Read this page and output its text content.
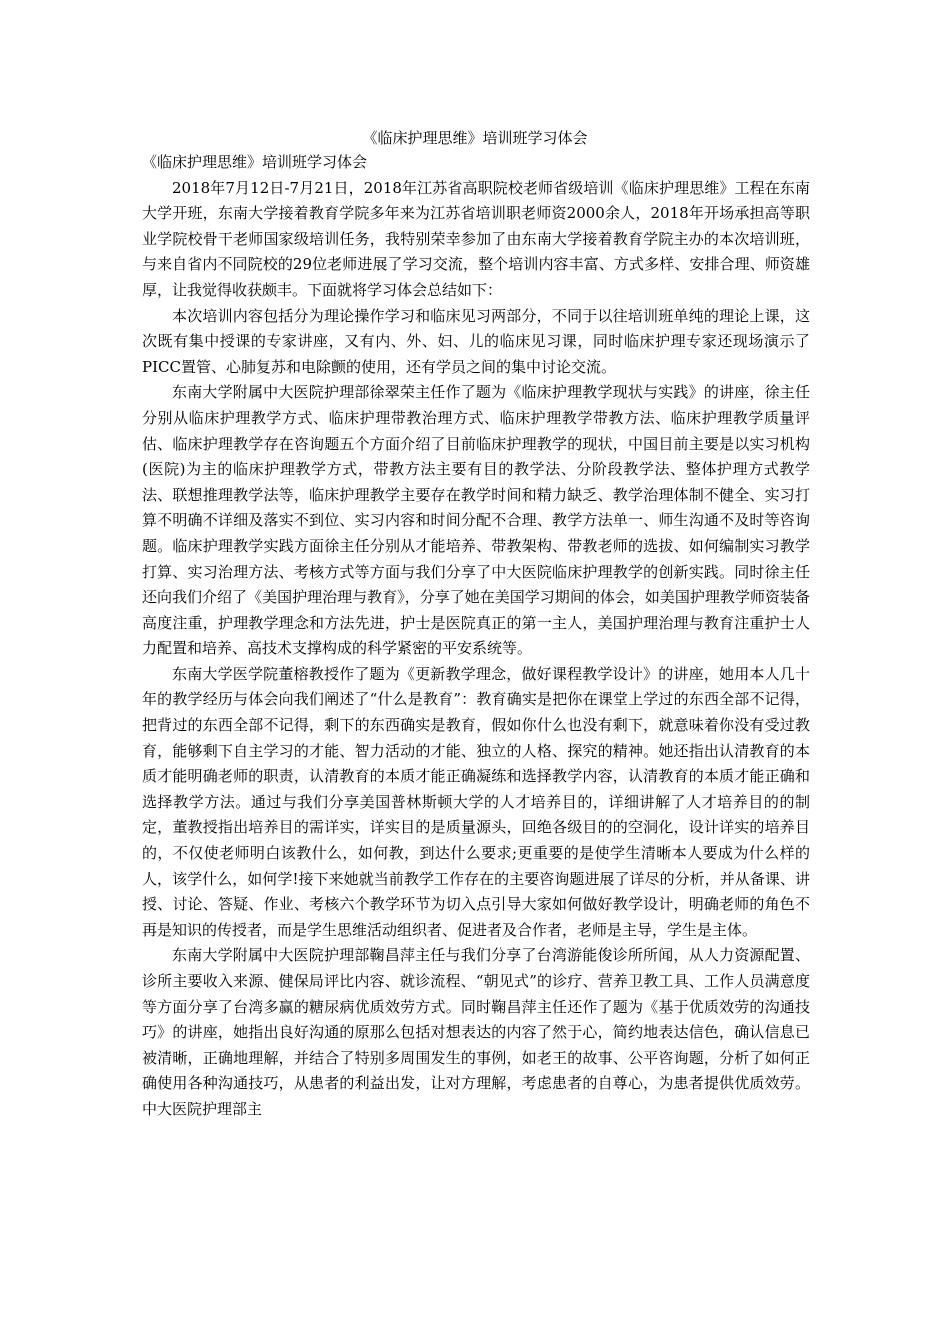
《临床护理思维》培训班学习体会

《临床护理思维》培训班学习体会

2018年7月12日-7月21日，2018年江苏省高职院校老师省级培训《临床护理思维》工程在东南大学开班，东南大学接着教育学院多年来为江苏省培训职老师资2000余人，2018年开场承担高等职业学院校骨干老师国家级培训任务，我特别荣幸参加了由东南大学接着教育学院主办的本次培训班，与来自省内不同院校的29位老师进展了学习交流，整个培训内容丰富、方式多样、安排合理、师资雄厚，让我觉得收获颇丰。下面就将学习体会总结如下：

本次培训内容包括分为理论操作学习和临床见习两部分，不同于以往培训班单纯的理论上课，这次既有集中授课的专家讲座，又有内、外、妇、儿的临床见习课，同时临床护理专家还现场演示了PICC置管、心肺复苏和电除颤的使用，还有学员之间的集中讨论交流。

东南大学附属中大医院护理部徐翠荣主任作了题为《临床护理教学现状与实践》的讲座，徐主任分别从临床护理教学方式、临床护理带教治理方式、临床护理教学带教方法、临床护理教学质量评估、临床护理教学存在咨询题五个方面介绍了目前临床护理教学的现状，中国目前主要是以实习机构(医院)为主的临床护理教学方式，带教方法主要有目的教学法、分阶段教学法、整体护理方式教学法、联想推理教学法等，临床护理教学主要存在教学时间和精力缺乏、教学治理体制不健全、实习打算不明确不详细及落实不到位、实习内容和时间分配不合理、教学方法单一、师生沟通不及时等咨询题。临床护理教学实践方面徐主任分别从才能培养、带教架构、带教老师的选拔、如何编制实习教学打算、实习治理方法、考核方式等方面与我们分享了中大医院临床护理教学的创新实践。同时徐主任还向我们介绍了《美国护理治理与教育》，分享了她在美国学习期间的体会，如美国护理教学师资装备高度注重，护理教学理念和方法先进，护士是医院真正的第一主人，美国护理治理与教育注重护士人力配置和培养、高技术支撑构成的科学紧密的平安系统等。

东南大学医学院董榕教授作了题为《更新教学理念，做好课程教学设计》的讲座，她用本人几十年的教学经历与体会向我们阐述了“什么是教育”：教育确实是把你在课堂上学过的东西全部不记得，把背过的东西全部不记得，剩下的东西确实是教育，假如你什么也没有剩下，就意味着你没有受过教育，能够剩下自主学习的才能、智力活动的才能、独立的人格、探究的精神。她还指出认清教育的本质才能明确老师的职责，认清教育的本质才能正确凝练和选择教学内容，认清教育的本质才能正确和选择教学方法。通过与我们分享美国普林斯顿大学的人才培养目的，详细讲解了人才培养目的的制定，董教授指出培养目的需详实，详实目的是质量源头，回绝各级目的的空洞化，设计详实的培养目的，不仅使老师明白该教什么，如何教，到达什么要求;更重要的是使学生清晰本人要成为什么样的人，该学什么，如何学!接下来她就当前教学工作存在的主要咨询题进展了详尽的分析，并从备课、讲授、讨论、答疑、作业、考核六个教学环节为切入点引导大家如何做好教学设计，明确老师的角色不再是知识的传授者，而是学生思维活动组织者、促进者及合作者，老师是主导，学生是主体。

东南大学附属中大医院护理部鞠昌萍主任与我们分享了台湾游能俊诊所所闻，从人力资源配置、诊所主要收入来源、健保局评比内容、就诊流程、“朝见式”的诊疗、营养卫教工具、工作人员满意度等方面分享了台湾多赢的糖尿病优质效劳方式。同时鞠昌萍主任还作了题为《基于优质效劳的沟通技巧》的讲座，她指出良好沟通的原那么包括对想表达的内容了然于心，简约地表达信色，确认信息已被清晰，正确地理解，并结合了特别多周围发生的事例，如老王的故事、公平咨询题，分析了如何正确使用各种沟通技巧，从患者的利益出发，让对方理解，考虑患者的自尊心，为患者提供优质效劳。中大医院护理部主
